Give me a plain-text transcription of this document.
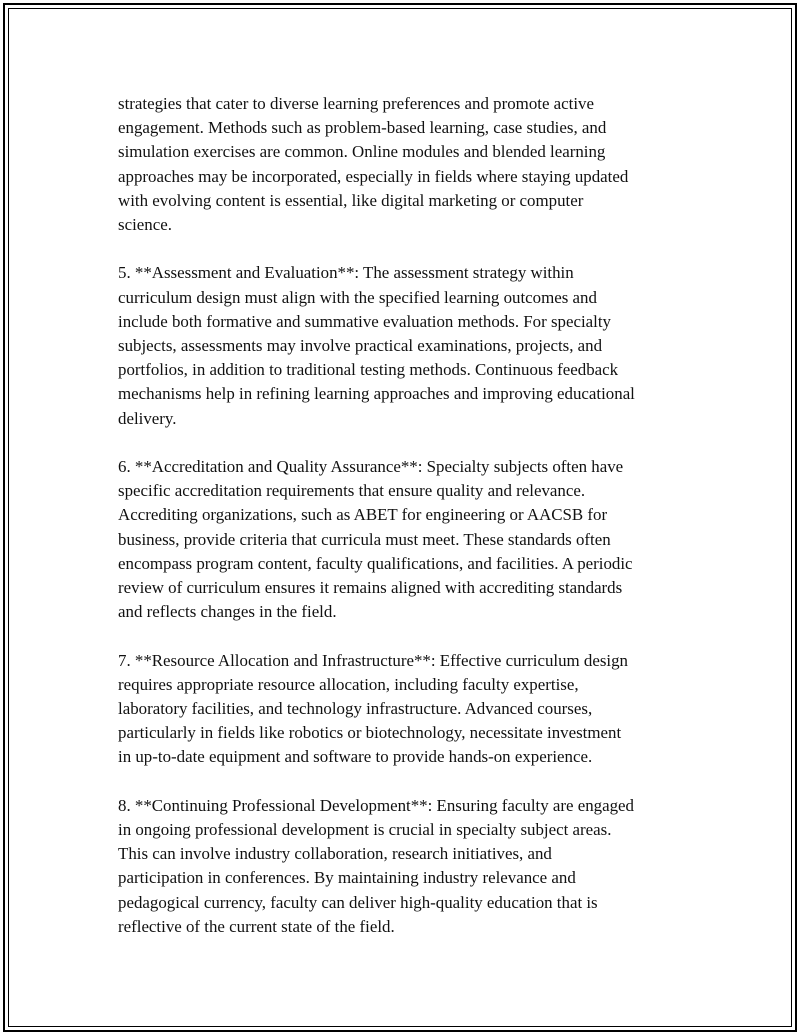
strategies that cater to diverse learning preferences and promote active
engagement. Methods such as problem-based learning, case studies, and
simulation exercises are common. Online modules and blended learning
approaches may be incorporated, especially in fields where staying updated
with evolving content is essential, like digital marketing or computer
science.

5. **Assessment and Evaluation**: The assessment strategy within
curriculum design must align with the specified learning outcomes and
include both formative and summative evaluation methods. For specialty
subjects, assessments may involve practical examinations, projects, and
portfolios, in addition to traditional testing methods. Continuous feedback
mechanisms help in refining learning approaches and improving educational
delivery.

6. **Accreditation and Quality Assurance**: Specialty subjects often have
specific accreditation requirements that ensure quality and relevance.
Accrediting organizations, such as ABET for engineering or AACSB for
business, provide criteria that curricula must meet. These standards often
encompass program content, faculty qualifications, and facilities. A periodic
review of curriculum ensures it remains aligned with accrediting standards
and reflects changes in the field.

7. **Resource Allocation and Infrastructure**: Effective curriculum design
requires appropriate resource allocation, including faculty expertise,
laboratory facilities, and technology infrastructure. Advanced courses,
particularly in fields like robotics or biotechnology, necessitate investment
in up-to-date equipment and software to provide hands-on experience.

8. **Continuing Professional Development**: Ensuring faculty are engaged
in ongoing professional development is crucial in specialty subject areas.
This can involve industry collaboration, research initiatives, and
participation in conferences. By maintaining industry relevance and
pedagogical currency, faculty can deliver high-quality education that is
reflective of the current state of the field.
